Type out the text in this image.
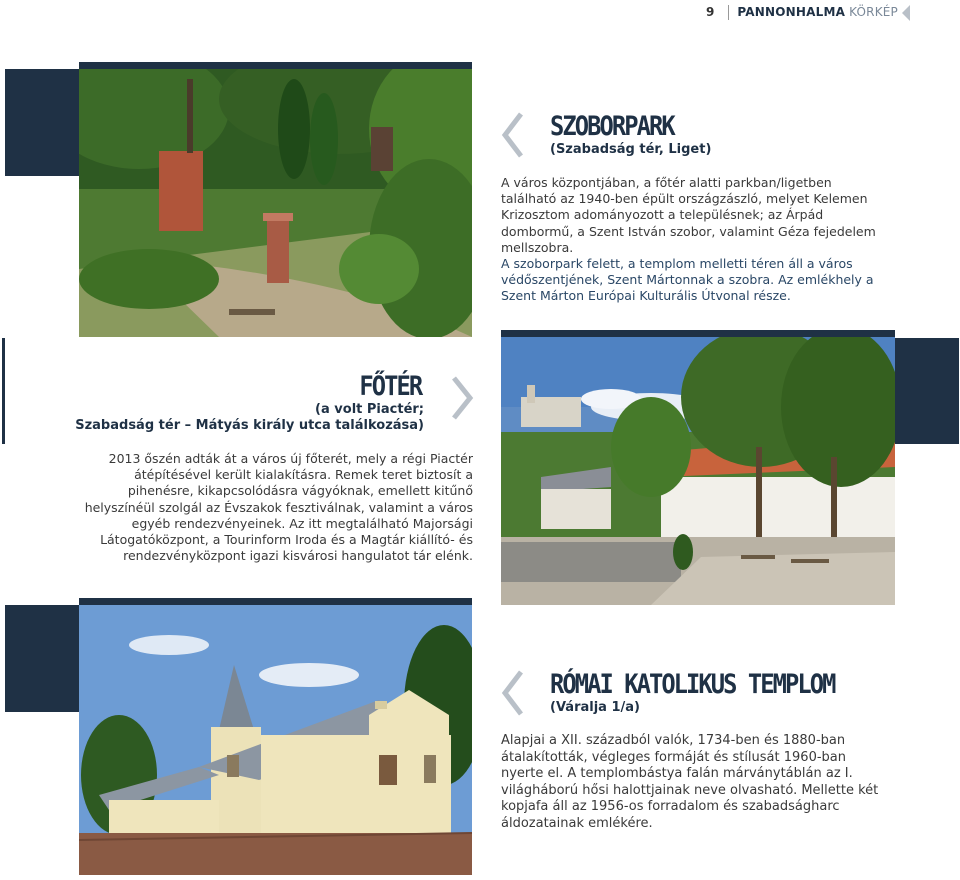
9 PANNONHALMA KÖRKÉP
SZOBORPARK
(Szabadság tér, Liget)

A város központjában, a főtér alatti parkban/ligetben található az 1940-ben épült országzászló, melyet Kelemen Krizosztom adományozott a településnek; az Árpád dombormű, a Szent István szobor, valamint Géza fejedelem mellszobra.

A szoborpark felett, a templom melletti téren áll a város védőszentjének, Szent Mártonnak a szobra. Az emlékhely a Szent Márton Európai Kulturális Útvonal része.

FŐTÉR
(a volt Piactér;
Szabadság tér – Mátyás király utca találkozása)
2013 őszén adták át a város új főterét, mely a régi Piactér átépítésével került kialakításra. Remek teret biztosít a pihenésre, kikapcsolódásra vágyóknak, emellett kitűnő helyszínéül szolgál az Évszakok fesztiválnak, valamint a város egyéb rendezvényeinek. Az itt megtalálható Majorsági Látogatóközpont, a Tourinform Iroda és a Magtár kiállító- és rendezvényközpont igazi kisvárosi hangulatot tár elénk.
RÓMAI KATOLIKUS TEMPLOM
(Váralja 1/a)
Alapjai a XII. századból valók, 1734-ben és 1880-ban átalakították, végleges formáját és stílusát 1960-ban nyerte el. A templombástya falán márványtáblán az I. világháború hősi halottjainak neve olvasható. Mellette két kopjafa áll az 1956-os forradalom és szabadságharc áldozatainak emlékére.
